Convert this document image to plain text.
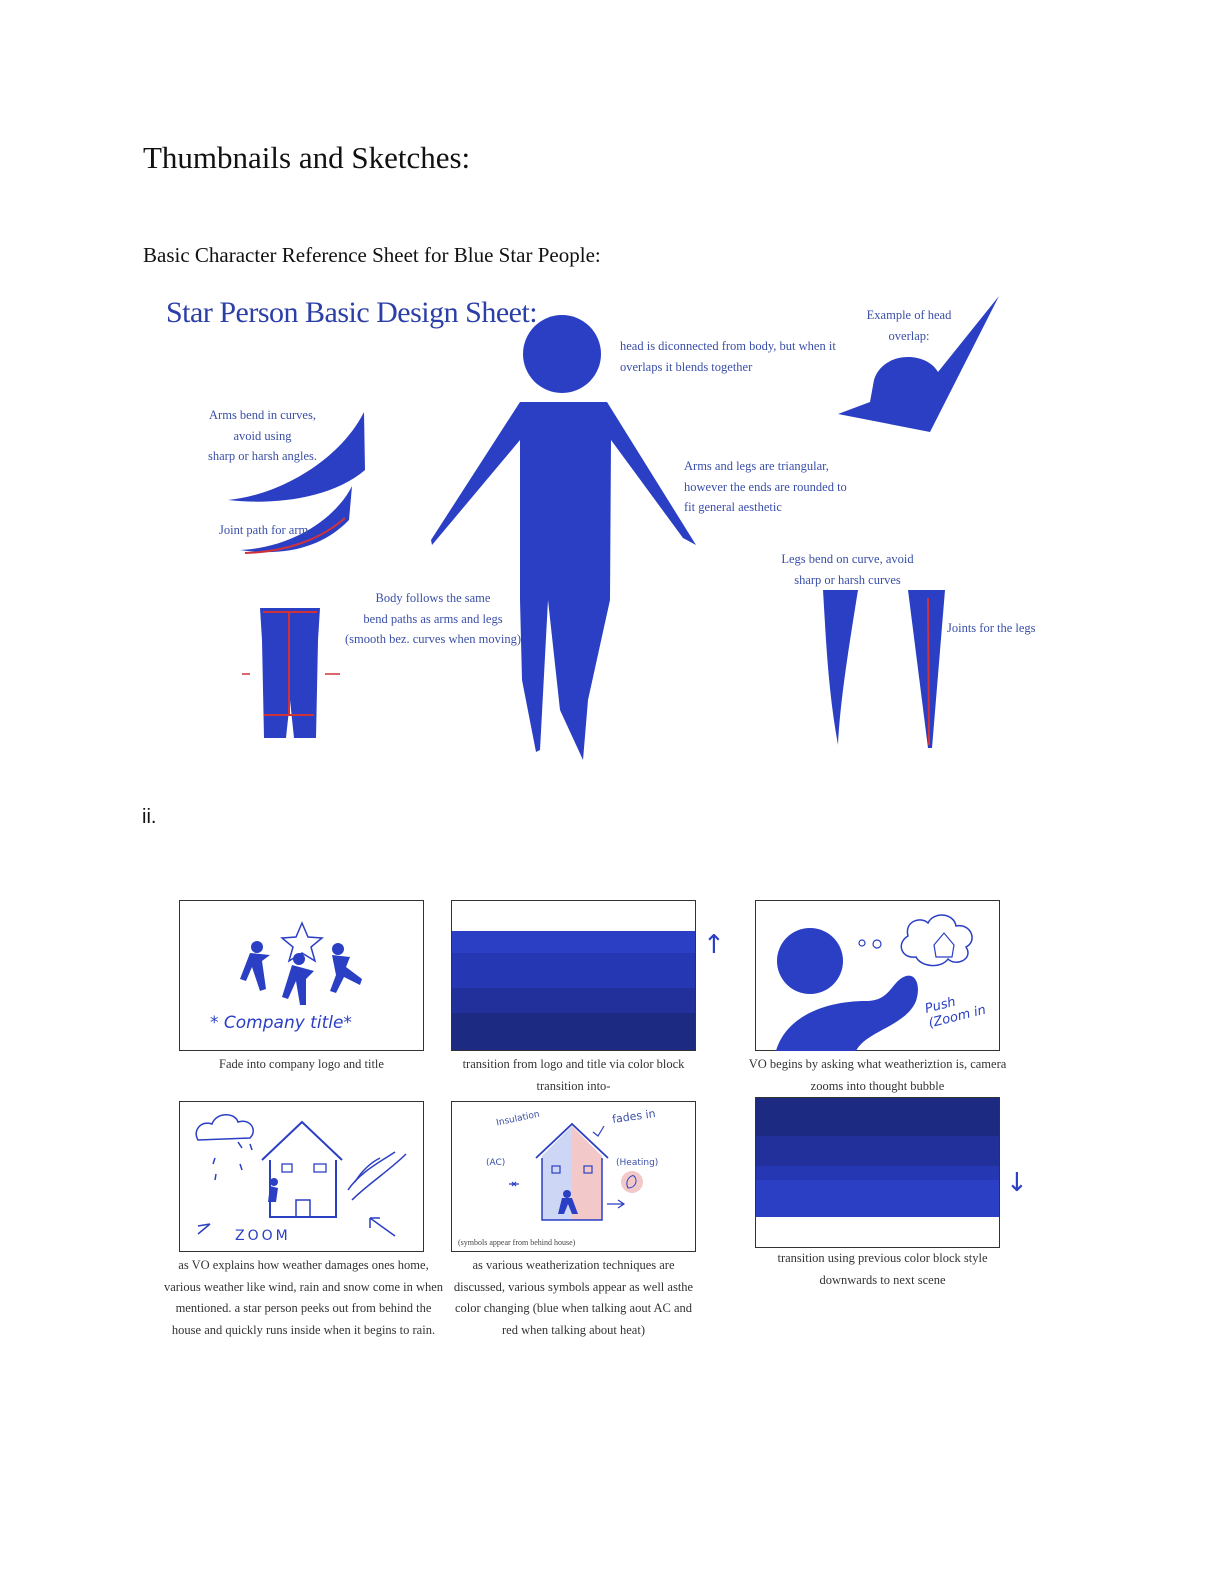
Thumbnails and Sketches:
Basic Character Reference Sheet for Blue Star People:
ii.
Star Person Basic Design Sheet:
Arms bend in curves,
avoid using
sharp or harsh angles.
Joint path for arm
Body follows the same
bend paths as arms and legs
(smooth bez. curves when moving)
head is diconnected from body, but when it
overlaps it blends together
Example of head
overlap:
Arms and legs are triangular,
however the ends are rounded to
fit general aesthetic
Legs bend on curve, avoid
sharp or harsh curves
Joints for the legs
* Company title*
Fade into company logo and title
↑
transition from logo and title via color block
transition into-
Push (Zoom in
VO begins by asking what weatheriztion is, camera
zooms into thought bubble
ZOOM
as VO explains how weather damages ones home,
various weather like wind, rain and snow come in when
mentioned. a star person peeks out from behind the
house and quickly runs inside when it begins to rain.
Insulation	fades in
(AC)	(Heating)
(symbols appear from behind house)
as various weatherization techniques are
discussed, various symbols appear as well asthe
color changing (blue when talking aout AC and
red when talking about heat)
↓
transition using previous color block style
downwards to next scene
